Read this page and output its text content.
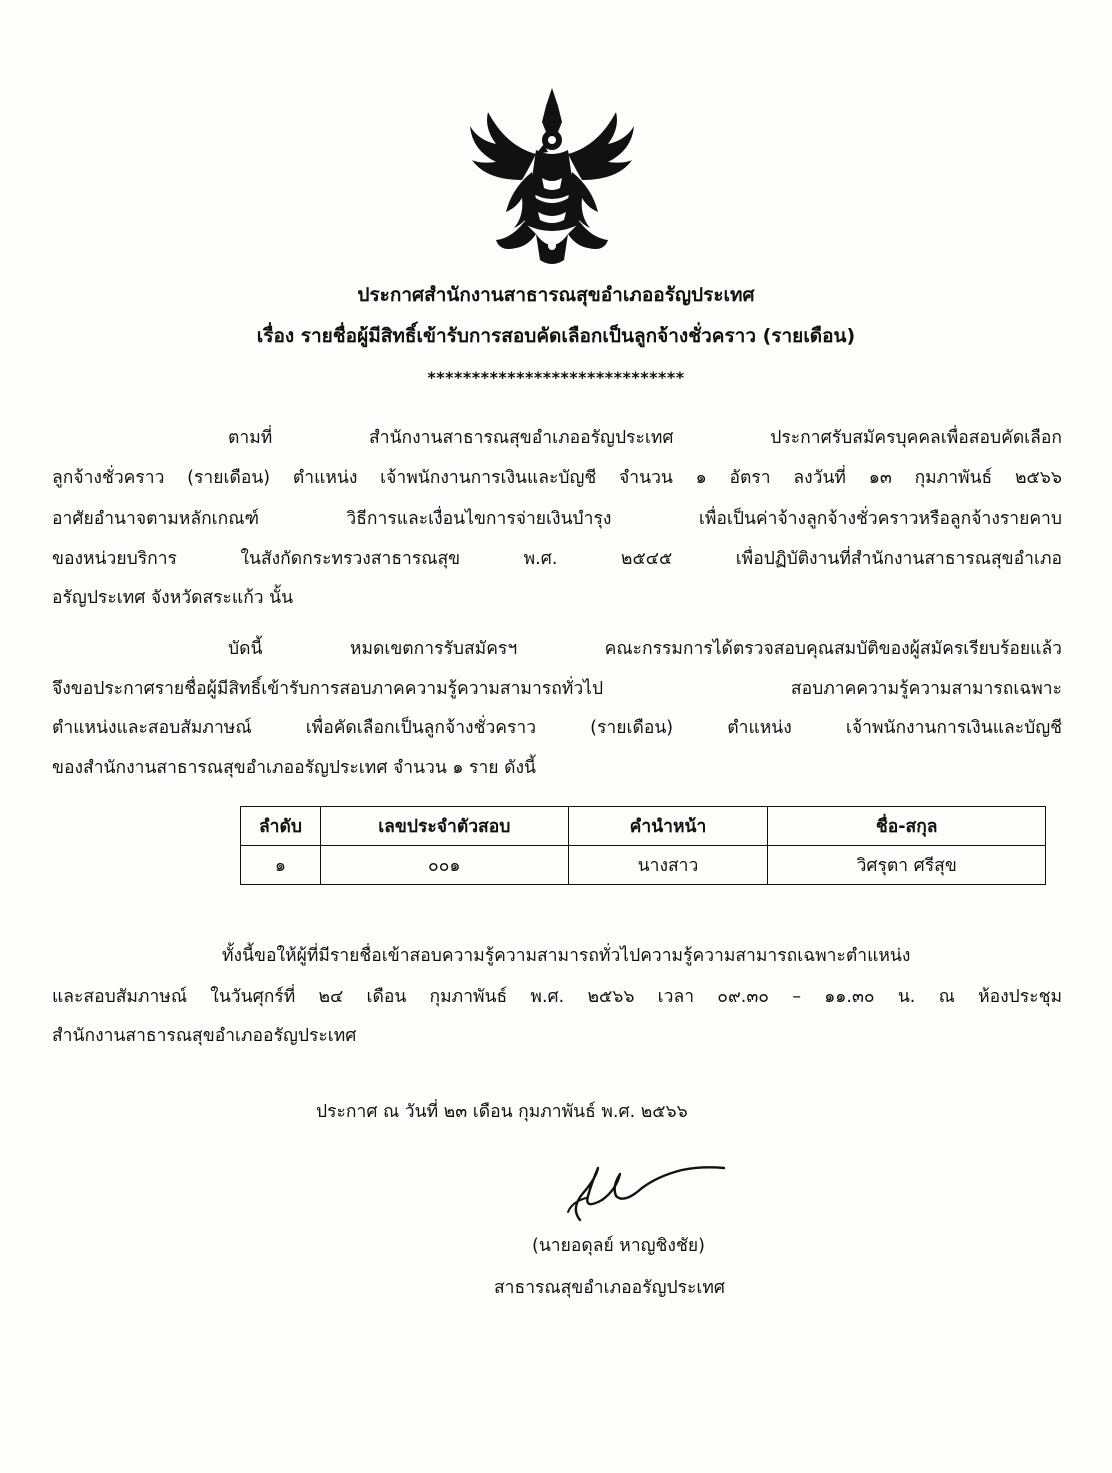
ประกาศสำนักงานสาธารณสุขอำเภออรัญประเทศ
เรื่อง รายชื่อผู้มีสิทธิ์เข้ารับการสอบคัดเลือกเป็นลูกจ้างชั่วคราว (รายเดือน)
*****************************
ตามที่ สำนักงานสาธารณสุขอำเภออรัญประเทศ ประกาศรับสมัครบุคคลเพื่อสอบคัดเลือก
ลูกจ้างชั่วคราว (รายเดือน) ตำแหน่ง เจ้าพนักงานการเงินและบัญชี จำนวน ๑ อัตรา ลงวันที่ ๑๓ กุมภาพันธ์ ๒๕๖๖
อาศัยอำนาจตามหลักเกณฑ์ วิธีการและเงื่อนไขการจ่ายเงินบำรุง เพื่อเป็นค่าจ้างลูกจ้างชั่วคราวหรือลูกจ้างรายคาบ
ของหน่วยบริการ ในสังกัดกระทรวงสาธารณสุข พ.ศ. ๒๕๔๕ เพื่อปฏิบัติงานที่สำนักงานสาธารณสุขอำเภอ
อรัญประเทศ จังหวัดสระแก้ว นั้น
บัดนี้ หมดเขตการรับสมัครฯ คณะกรรมการได้ตรวจสอบคุณสมบัติของผู้สมัครเรียบร้อยแล้ว
จึงขอประกาศรายชื่อผู้มีสิทธิ์เข้ารับการสอบภาคความรู้ความสามารถทั่วไป สอบภาคความรู้ความสามารถเฉพาะ
ตำแหน่งและสอบสัมภาษณ์ เพื่อคัดเลือกเป็นลูกจ้างชั่วคราว (รายเดือน) ตำแหน่ง เจ้าพนักงานการเงินและบัญชี
ของสำนักงานสาธารณสุขอำเภออรัญประเทศ จำนวน ๑ ราย ดังนี้
ลำดับ	เลขประจำตัวสอบ	คำนำหน้า	ชื่อ-สกุล
๑	๐๐๑	นางสาว	วิศรุตา ศรีสุข
ทั้งนี้ขอให้ผู้ที่มีรายชื่อเข้าสอบความรู้ความสามารถทั่วไปความรู้ความสามารถเฉพาะตำแหน่ง
และสอบสัมภาษณ์ ในวันศุกร์ที่ ๒๔ เดือน กุมภาพันธ์ พ.ศ. ๒๕๖๖ เวลา ๐๙.๓๐ – ๑๑.๓๐ น. ณ ห้องประชุม
สำนักงานสาธารณสุขอำเภออรัญประเทศ
ประกาศ ณ วันที่ ๒๓ เดือน กุมภาพันธ์ พ.ศ. ๒๕๖๖
(นายอดุลย์ หาญชิงชัย)
สาธารณสุขอำเภออรัญประเทศ
